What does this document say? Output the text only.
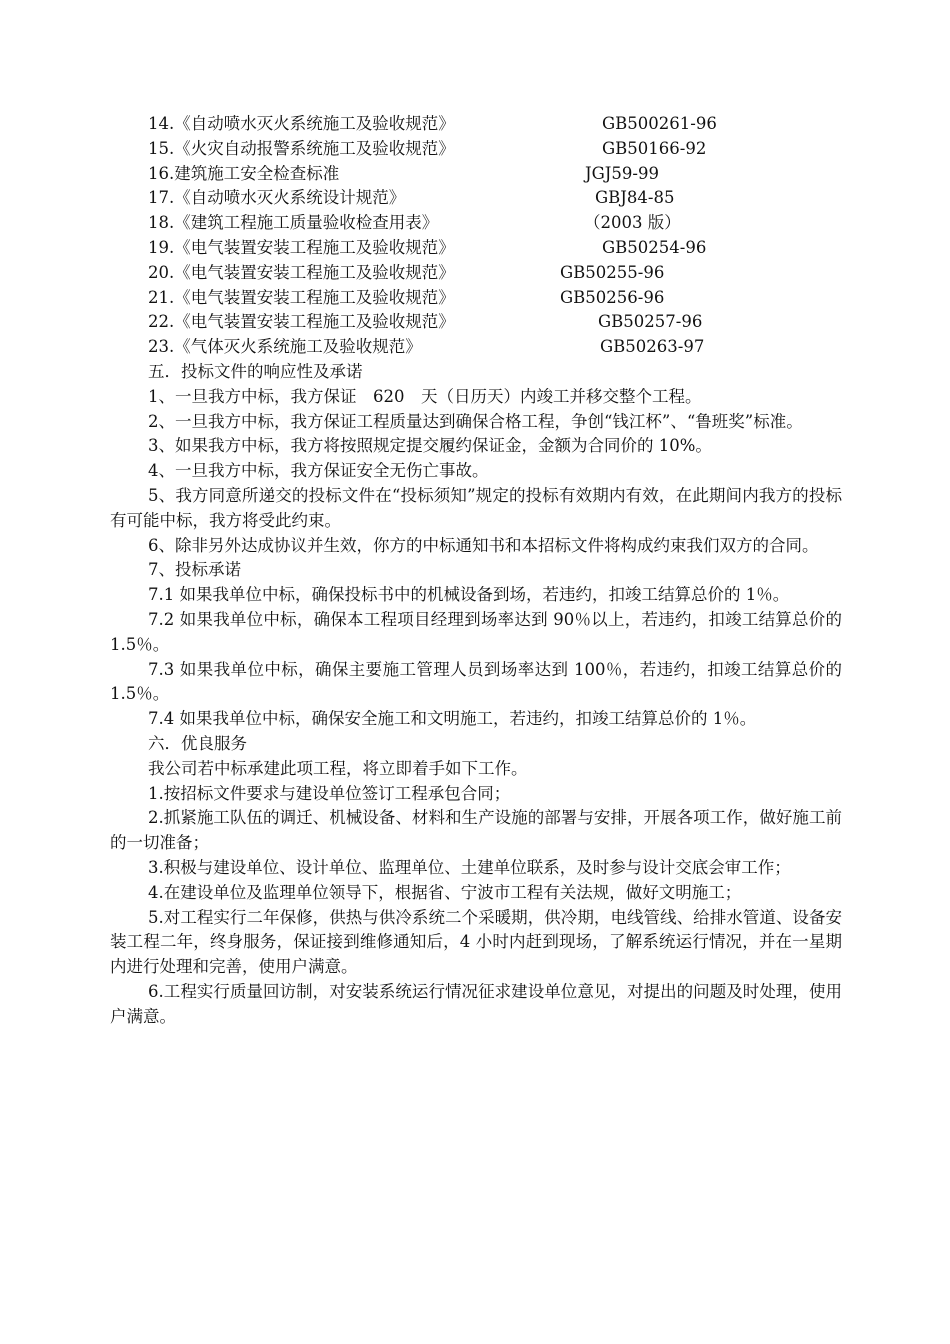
14.《自动喷水灭火系统施工及验收规范》	GB500261-96
15.《火灾自动报警系统施工及验收规范》	GB50166-92
16.建筑施工安全检查标准	JGJ59-99
17.《自动喷水灭火系统设计规范》	GBJ84-85
18.《建筑工程施工质量验收检查用表》	（2003 版）
19.《电气装置安装工程施工及验收规范》	GB50254-96
20.《电气装置安装工程施工及验收规范》	GB50255-96
21.《电气装置安装工程施工及验收规范》	GB50256-96
22.《电气装置安装工程施工及验收规范》	GB50257-96
23.《气体灭火系统施工及验收规范》	GB50263-97

五．投标文件的响应性及承诺

1、一旦我方中标，我方保证　620　天（日历天）内竣工并移交整个工程。

2、一旦我方中标，我方保证工程质量达到确保合格工程，争创“钱江杯”、“鲁班奖”标准。

3、如果我方中标，我方将按照规定提交履约保证金，金额为合同价的 10%。

4、一旦我方中标，我方保证安全无伤亡事故。

5、我方同意所递交的投标文件在“投标须知”规定的投标有效期内有效，在此期间内我方的投标有可能中标，我方将受此约束。

6、除非另外达成协议并生效，你方的中标通知书和本招标文件将构成约束我们双方的合同。

7、投标承诺

7.1 如果我单位中标，确保投标书中的机械设备到场，若违约，扣竣工结算总价的 1％。

7.2 如果我单位中标，确保本工程项目经理到场率达到 90％以上，若违约，扣竣工结算总价的 1.5％。

7.3 如果我单位中标，确保主要施工管理人员到场率达到 100％，若违约，扣竣工结算总价的 1.5％。

7.4 如果我单位中标，确保安全施工和文明施工，若违约，扣竣工结算总价的 1％。

六．优良服务

我公司若中标承建此项工程，将立即着手如下工作。

1.按招标文件要求与建设单位签订工程承包合同；

2.抓紧施工队伍的调迁、机械设备、材料和生产设施的部署与安排，开展各项工作，做好施工前的一切准备；

3.积极与建设单位、设计单位、监理单位、土建单位联系，及时参与设计交底会审工作；

4.在建设单位及监理单位领导下，根据省、宁波市工程有关法规，做好文明施工；

5.对工程实行二年保修，供热与供冷系统二个采暖期，供冷期，电线管线、给排水管道、设备安装工程二年，终身服务，保证接到维修通知后，4 小时内赶到现场，了解系统运行情况，并在一星期内进行处理和完善，使用户满意。

6.工程实行质量回访制，对安装系统运行情况征求建设单位意见，对提出的问题及时处理，使用户满意。
